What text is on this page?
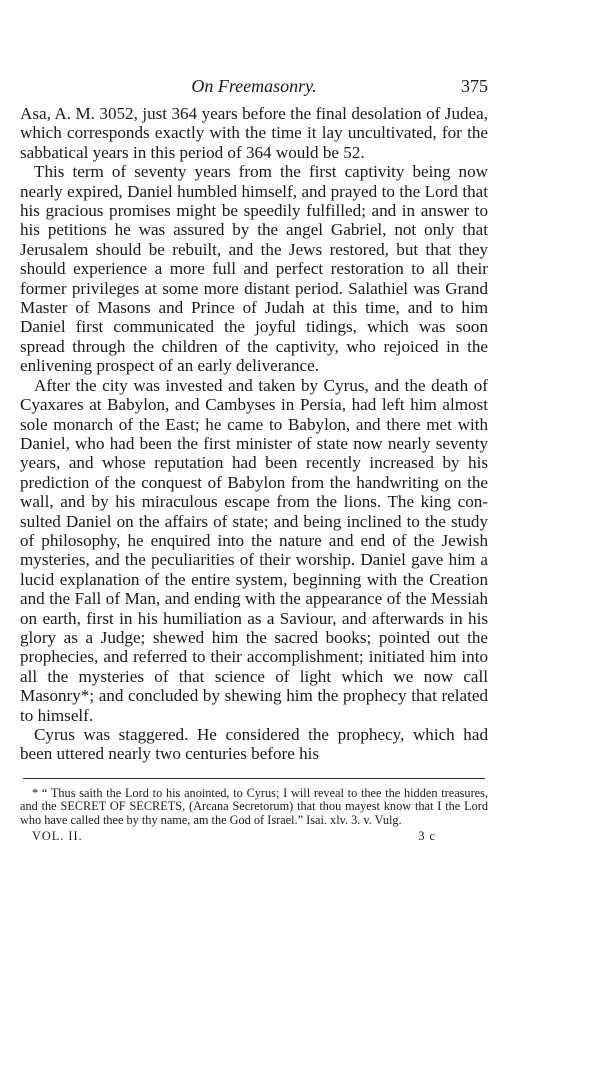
On Freemasonry.	375

Asa, A. M. 3052, just 364 years before the final desolation of Judea, which corresponds exactly with the time it lay uncultivated, for the sabbatical years in this period of 364 would be 52.

This term of seventy years from the first captivity being now nearly expired, Daniel humbled himself, and prayed to the Lord that his gracious promises might be speedily fulfilled; and in answer to his petitions he was assured by the angel Gabriel, not only that Jerusalem should be rebuilt, and the Jews restored, but that they should experience a more full and perfect restoration to all their former privileges at some more distant period. Salathiel was Grand Master of Masons and Prince of Judah at this time, and to him Daniel first communicated the joyful tidings, which was soon spread through the children of the captivity, who rejoiced in the enlivening prospect of an early deliverance.

After the city was invested and taken by Cyrus, and the death of Cyaxares at Babylon, and Cambyses in Persia, had left him almost sole monarch of the East; he came to Babylon, and there met with Daniel, who had been the first minister of state now nearly seventy years, and whose reputation had been recently increased by his prediction of the conquest of Babylon from the handwriting on the wall, and by his miraculous escape from the lions. The king consulted Daniel on the affairs of state; and being inclined to the study of philosophy, he enquired into the nature and end of the Jewish mysteries, and the peculiarities of their worship. Daniel gave him a lucid explanation of the entire system, beginning with the Creation and the Fall of Man, and ending with the appearance of the Messiah on earth, first in his humiliation as a Saviour, and afterwards in his glory as a Judge; shewed him the sacred books; pointed out the prophecies, and referred to their accomplishment; initiated him into all the mysteries of that science of light which we now call Masonry*; and concluded by shewing him the prophecy that related to himself.

Cyrus was staggered. He considered the prophecy, which had been uttered nearly two centuries before his

* “ Thus saith the Lord to his anointed, to Cyrus; I will reveal to thee the hidden treasures, and the SECRET OF SECRETS, (Arcana Secretorum) that thou mayest know that I the Lord who have called thee by thy name, am the God of Israel.” Isai. xlv. 3. v. Vulg.
VOL. II.	3 c
